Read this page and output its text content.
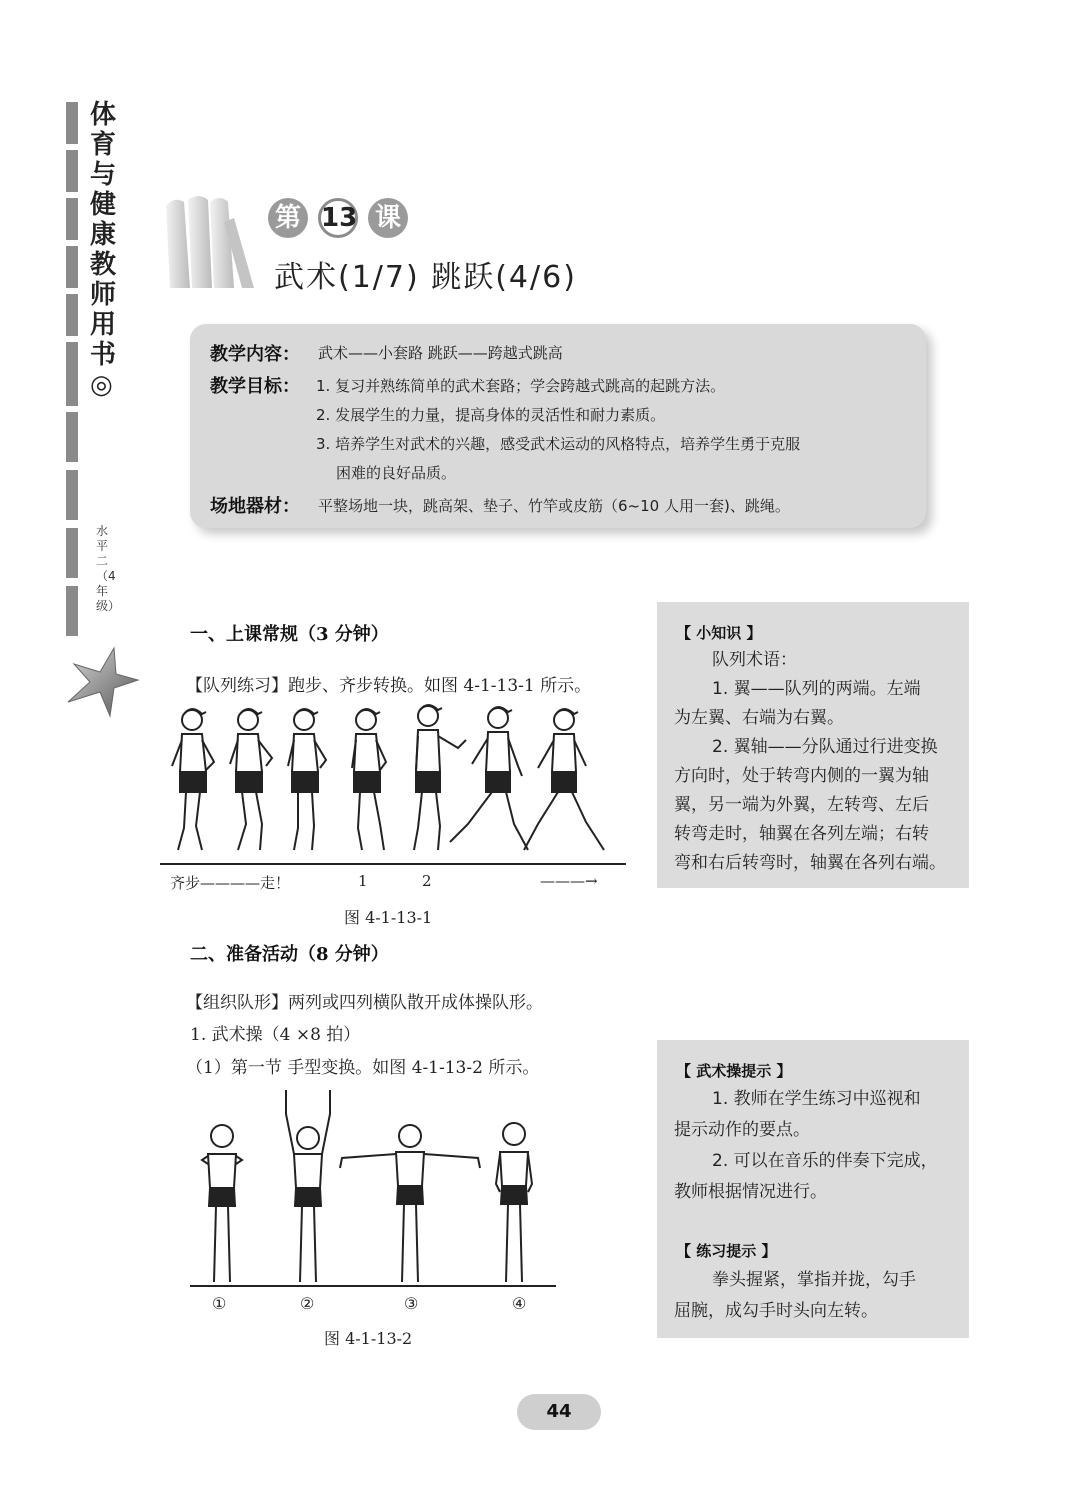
体育与健康教师用书◎
水平二（4年级）
第 13 课
武术(1/7) 跳跃(4/6)
教学内容： 武术——小套路 跳跃——跨越式跳高
教学目标： 1. 复习并熟练简单的武术套路；学会跨越式跳高的起跳方法。
2. 发展学生的力量，提高身体的灵活性和耐力素质。
3. 培养学生对武术的兴趣，感受武术运动的风格特点，培养学生勇于克服
困难的良好品质。
场地器材： 平整场地一块，跳高架、垫子、竹竿或皮筋（6~10 人用一套)、跳绳。
一、上课常规（3 分钟）
【队列练习】跑步、齐步转换。如图 4-1-13-1 所示。
齐步————走！	1	2	———→
图 4-1-13-1
二、准备活动（8 分钟）
【组织队形】两列或四列横队散开成体操队形。
1. 武术操（4 ×8 拍）
（1）第一节 手型变换。如图 4-1-13-2 所示。
①	②	③	④
图 4-1-13-2
【 小知识 】
队列术语：
1. 翼——队列的两端。左端
为左翼、右端为右翼。
2. 翼轴——分队通过行进变换
方向时，处于转弯内侧的一翼为轴
翼，另一端为外翼，左转弯、左后
转弯走时，轴翼在各列左端；右转
弯和右后转弯时，轴翼在各列右端。
【 武术操提示 】
1. 教师在学生练习中巡视和
提示动作的要点。
2. 可以在音乐的伴奏下完成，
教师根据情况进行。
【 练习提示 】
拳头握紧，掌指并拢，勾手
屈腕，成勾手时头向左转。
44
